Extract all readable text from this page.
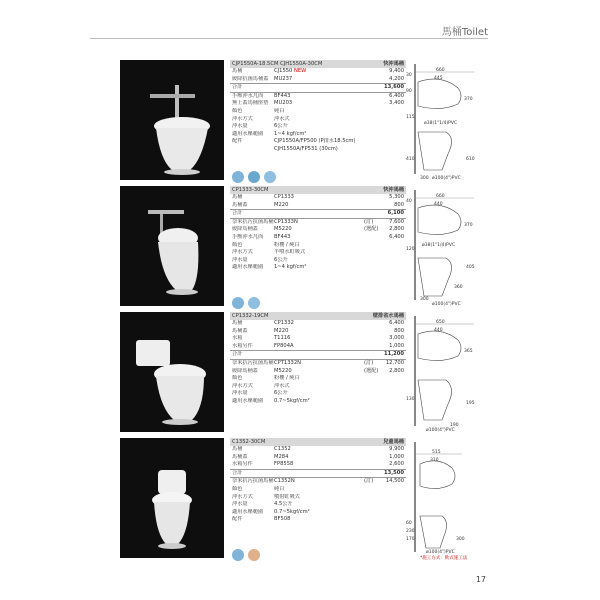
馬桶Toilet
CJP1550A-18.5CM CJH1550A-30CM	快沖馬桶
馬桶	CJ1550 NEW	9,400
緩降抗菌馬桶蓋	MU237	4,200
合計	13,600
手壓沖水凡而	BF443	6,400
無上蓋馬桶座墊	MU203	3,400
顏色	純白
沖水方式	沖水式
沖水量	6公升
適用水壓範圍	1~4 kgf/cm²
配件	CJP1550A/FP500 (P排水18.5cm)
CJH1550A/FP531 (30cm)
660
445
370
30
90
115
410
300
610
ø38(1"1/4)PVC
ø100(4")PVC
CP1333-30CM	快沖馬桶
馬桶	CP1333	5,300
馬桶蓋	M220	800
合計	6,100
奈米抗污抗菌馬桶 CP1333N	(訂)	7,600
緩降馬桶蓋	M5220	(選配)	2,800
手壓沖水凡而	BF443	6,400
顏色	粉櫻 / 純白
沖水方式	半噴水虹吸式
沖水量	6公升
適用水壓範圍	1~4 kgf/cm²
660
440
370
40
120
405
300
360
ø38(1"1/4)PVC
ø100(4")PVC
CP1332-19CM	壁排省水馬桶
馬桶	CP1332	6,400
馬桶蓋	M220	800
水箱	T1116	3,000
水箱另件	FP804A	1,000
合計	11,200
奈米抗污抗菌馬桶 CPT1332N	(訂)	12,700
緩降馬桶蓋	M5220	(選配)	2,800
顏色	粉櫻 / 純白
沖水方式	沖水式
沖水量	6公升
適用水壓範圍	0.7~5kgf/cm²
650
440
365
130
195
190
ø100(4")PVC
C1352-30CM	兒童馬桶
馬桶	C1352	9,900
馬桶蓋	M284	1,000
水箱另件	FP8558	2,600
合計	13,500
奈米抗污抗菌馬桶 C1352N	(訂)	14,500
顏色	純白
沖水方式	噴射虹吸式
沖水量	4.5公升
適用水壓範圍	0.7~5kgf/cm²
配件	BF508
515
310
230
170
60
300
ø100(4")PVC
*施工方式：軟式施工法
17
